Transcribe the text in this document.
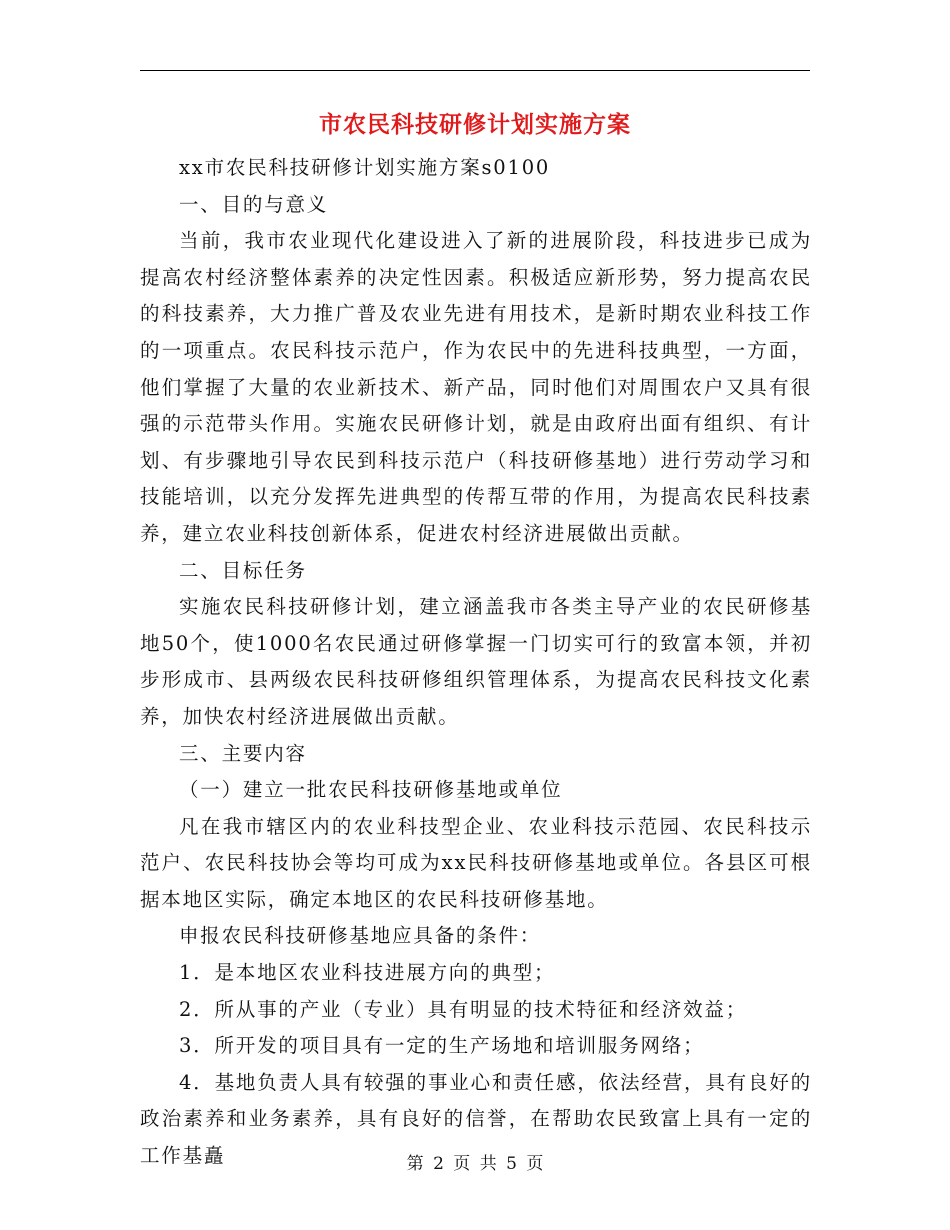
市农民科技研修计划实施方案

xx市农民科技研修计划实施方案s0100

一、目的与意义

当前，我市农业现代化建设进入了新的进展阶段，科技进步已成为提高农村经济整体素养的决定性因素。积极适应新形势，努力提高农民的科技素养，大力推广普及农业先进有用技术，是新时期农业科技工作的一项重点。农民科技示范户，作为农民中的先进科技典型，一方面，他们掌握了大量的农业新技术、新产品，同时他们对周围农户又具有很强的示范带头作用。实施农民研修计划，就是由政府出面有组织、有计划、有步骤地引导农民到科技示范户（科技研修基地）进行劳动学习和技能培训，以充分发挥先进典型的传帮互带的作用，为提高农民科技素养，建立农业科技创新体系，促进农村经济进展做出贡献。

二、目标任务

实施农民科技研修计划，建立涵盖我市各类主导产业的农民研修基地50个，使1000名农民通过研修掌握一门切实可行的致富本领，并初步形成市、县两级农民科技研修组织管理体系，为提高农民科技文化素养，加快农村经济进展做出贡献。

三、主要内容

（一）建立一批农民科技研修基地或单位

凡在我市辖区内的农业科技型企业、农业科技示范园、农民科技示范户、农民科技协会等均可成为xx民科技研修基地或单位。各县区可根据本地区实际，确定本地区的农民科技研修基地。

申报农民科技研修基地应具备的条件：

1．是本地区农业科技进展方向的典型；

2．所从事的产业（专业）具有明显的技术特征和经济效益；

3．所开发的项目具有一定的生产场地和培训服务网络；

4．基地负责人具有较强的事业心和责任感，依法经营，具有良好的政治素养和业务素养，具有良好的信誉，在帮助农民致富上具有一定的工作基矗	第 2 页 共 5 页
